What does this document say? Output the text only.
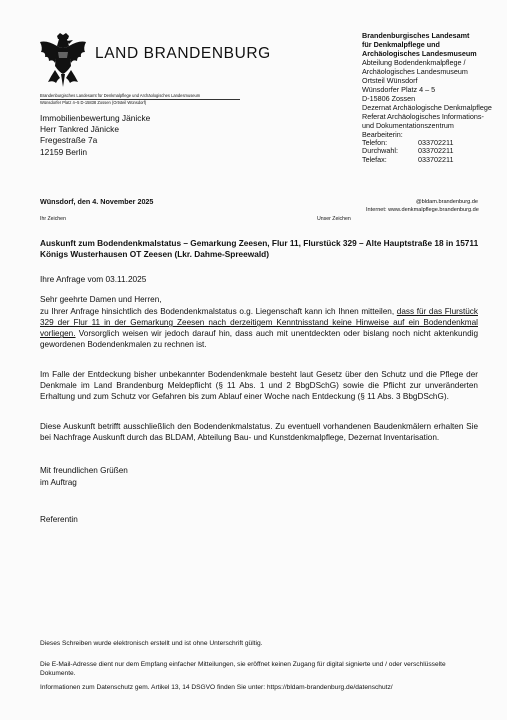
LAND BRANDENBURG
Brandenburgisches Landesamt für Denkmalpflege und Archäologisches Landesmuseum
Wünsdorfer Platz 4–5 D-15838 Zossen (Ortsteil Wünsdorf)
Brandenburgisches Landesamt
für Denkmalpflege und
Archäologisches Landesmuseum
Abteilung Bodendenkmalpflege /
Archäologisches Landesmuseum
Ortsteil Wünsdorf
Wünsdorfer Platz 4 – 5
D-15806 Zossen
Dezernat Archäologische Denkmalpflege
Referat Archäologisches Informations-
und Dokumentationszentrum
Bearbeiterin:
Telefon:	033702211
Durchwahl:	033702211
Telefax:	033702211
Immobilienbewertung Jänicke
Herr Tankred Jänicke
Fregestraße 7a
12159 Berlin
Wünsdorf, den 4. November 2025	@bldam.brandenburg.de
Internet: www.denkmalpflege.brandenburg.de
Ihr Zeichen	Unser Zeichen
Auskunft zum Bodendenkmalstatus – Gemarkung Zeesen, Flur 11, Flurstück 329 – Alte Hauptstraße 18 in 15711 Königs Wusterhausen OT Zeesen (Lkr. Dahme-Spreewald)
Ihre Anfrage vom 03.11.2025
Sehr geehrte Damen und Herren,
zu Ihrer Anfrage hinsichtlich des Bodendenkmalstatus o.g. Liegenschaft kann ich Ihnen mitteilen, dass für das Flurstück 329 der Flur 11 in der Gemarkung Zeesen nach derzeitigem Kenntnisstand keine Hinweise auf ein Bodendenkmal vorliegen. Vorsorglich weisen wir jedoch darauf hin, dass auch mit unentdeckten oder bislang noch nicht aktenkundig gewordenen Bodendenkmalen zu rechnen ist.
Im Falle der Entdeckung bisher unbekannter Bodendenkmale besteht laut Gesetz über den Schutz und die Pflege der Denkmale im Land Brandenburg Meldepflicht (§ 11 Abs. 1 und 2 BbgDSchG) sowie die Pflicht zur unveränderten Erhaltung und zum Schutz vor Gefahren bis zum Ablauf einer Woche nach Entdeckung (§ 11 Abs. 3 BbgDSchG).
Diese Auskunft betrifft ausschließlich den Bodendenkmalstatus. Zu eventuell vorhandenen Baudenkmälern erhalten Sie bei Nachfrage Auskunft durch das BLDAM, Abteilung Bau- und Kunstdenkmalpflege, Dezernat Inventarisation.
Mit freundlichen Grüßen
im Auftrag
Referentin
Dieses Schreiben wurde elektronisch erstellt und ist ohne Unterschrift gültig.
Die E-Mail-Adresse dient nur dem Empfang einfacher Mitteilungen, sie eröffnet keinen Zugang für digital signierte und / oder verschlüsselte Dokumente.
Informationen zum Datenschutz gem. Artikel 13, 14 DSGVO finden Sie unter: https://bldam-brandenburg.de/datenschutz/
